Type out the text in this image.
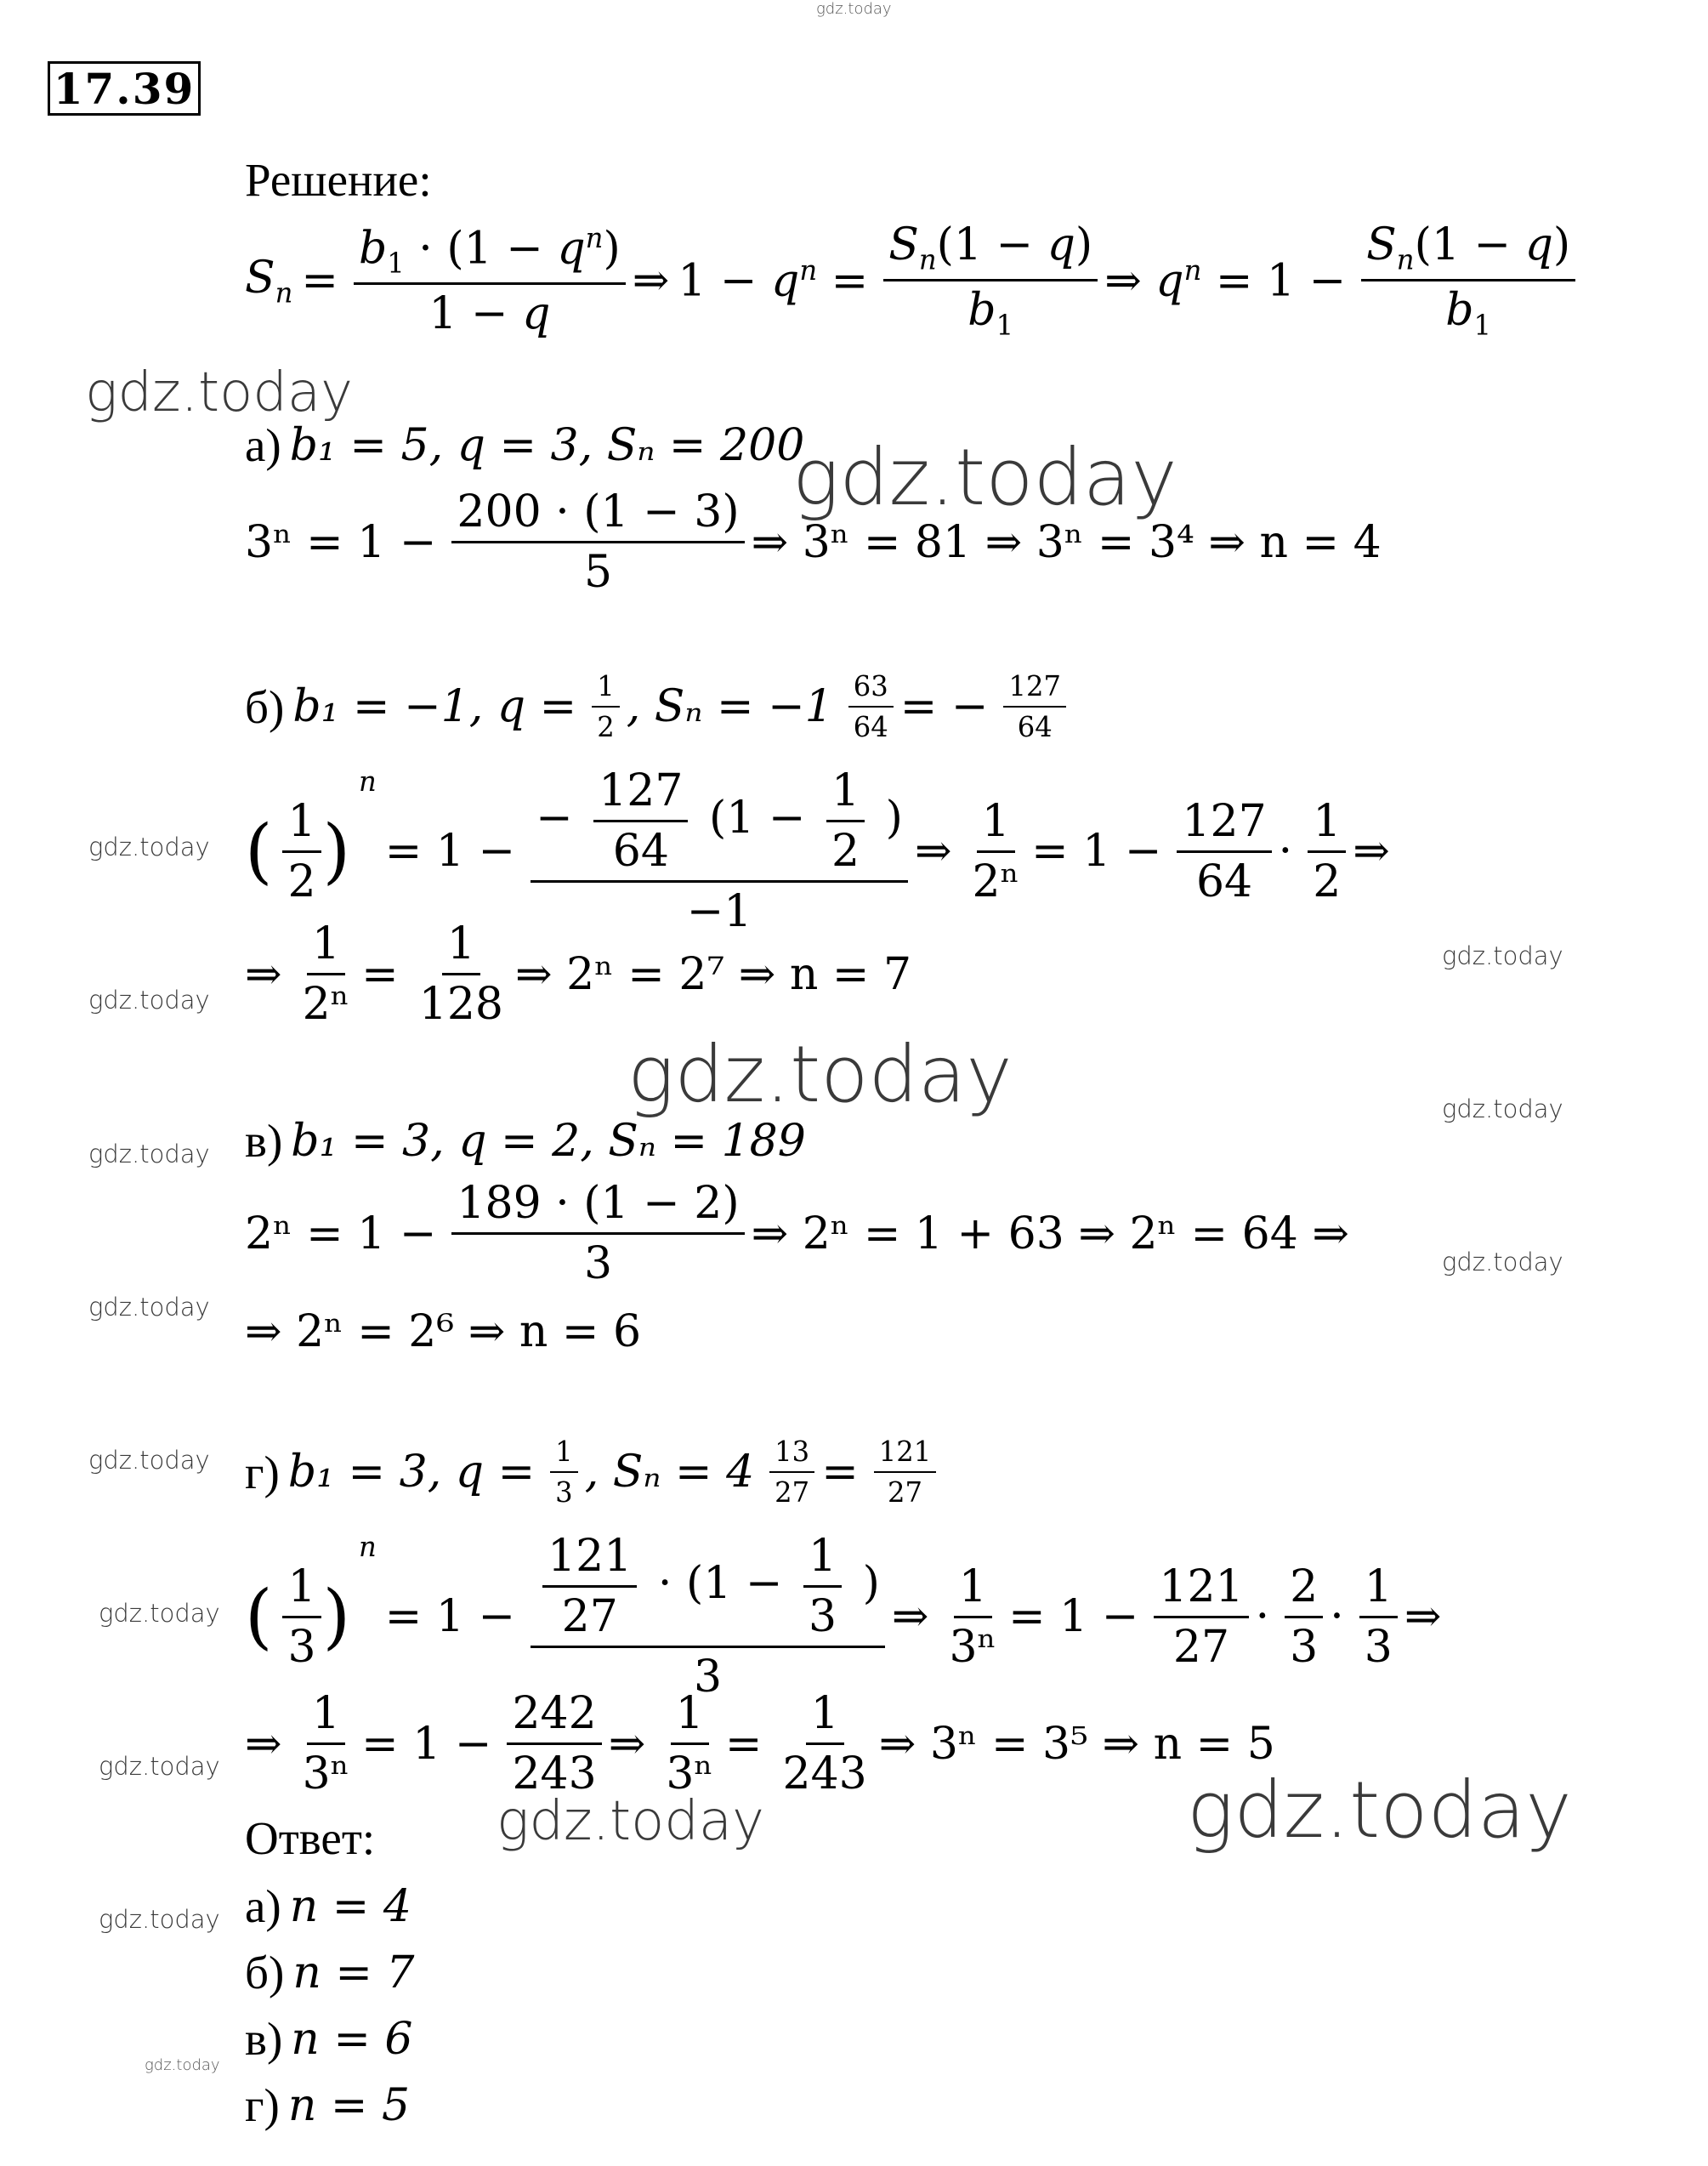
gdz.today
gdz.today
gdz.today
gdz.today
gdz.today
gdz.today
gdz.today	gdz.today
gdz.today
gdz.today
gdz.today
gdz.today
gdz.today
gdz.today	gdz.today
gdz.today
gdz.today
gdz.today
17.39
Решение:
$S_n = \frac{b_1 \cdot (1 - q^n)}{1 - q}$ ⇒ $1 - q^n = \frac{S_n(1 - q)}{b_1}$ ⇒ $q^n = 1 - \frac{S_n(1 - q)}{b_1}$
а) b₁ = 5, q = 3, Sₙ = 200
$3^n = 1 - \frac{200 \cdot (1 - 3)}{5}$ ⇒ 3ⁿ = 81 ⇒ 3ⁿ = 3⁴ ⇒ n = 4
б) b₁ = −1, $q = \frac{1}{2}$ , $S_n = -1 \frac{63}{64}$ = − $\frac{127}{64}$
( $\frac{1}{2}$ )
n
= $1 - \frac{- \frac{127}{64} (1 - \frac{1}{2} )}{-1}$ ⇒ $\frac{1}{\text{2ⁿ}} = 1 - \frac{127}{64} \cdot \frac{1}{2}$ ⇒
⇒ $\frac{1}{\text{2ⁿ}} = \frac{1}{128}$ ⇒ 2ⁿ = 2⁷ ⇒ n = 7
в) b₁ = 3, q = 2, Sₙ = 189
$2^n = 1 - \frac{189 \cdot (1 - 2)}{3}$ ⇒ 2ⁿ = 1 + 63 ⇒ 2ⁿ = 64 ⇒
⇒ 2ⁿ = 2⁶ ⇒ n = 6
г) b₁ = 3, $q = \frac{1}{3}$ , $S_n = 4 \frac{13}{27} = \frac{121}{27}$
( $\frac{1}{3}$ )
n
= $1 - \frac{\frac{121}{27} \cdot (1 - \frac{1}{3} )}{3}$ ⇒ $\frac{1}{\text{3ⁿ}} = 1 - \frac{121}{27} \cdot \frac{2}{3} \cdot \frac{1}{3}$ ⇒
⇒ $\frac{1}{\text{3ⁿ}} = 1 - \frac{242}{243}$ ⇒ $\frac{1}{\text{3ⁿ}} = \frac{1}{243}$ ⇒ 3ⁿ = 3⁵ ⇒ n = 5
Ответ:
а) n = 4
б) n = 7
в) n = 6
г) n = 5
